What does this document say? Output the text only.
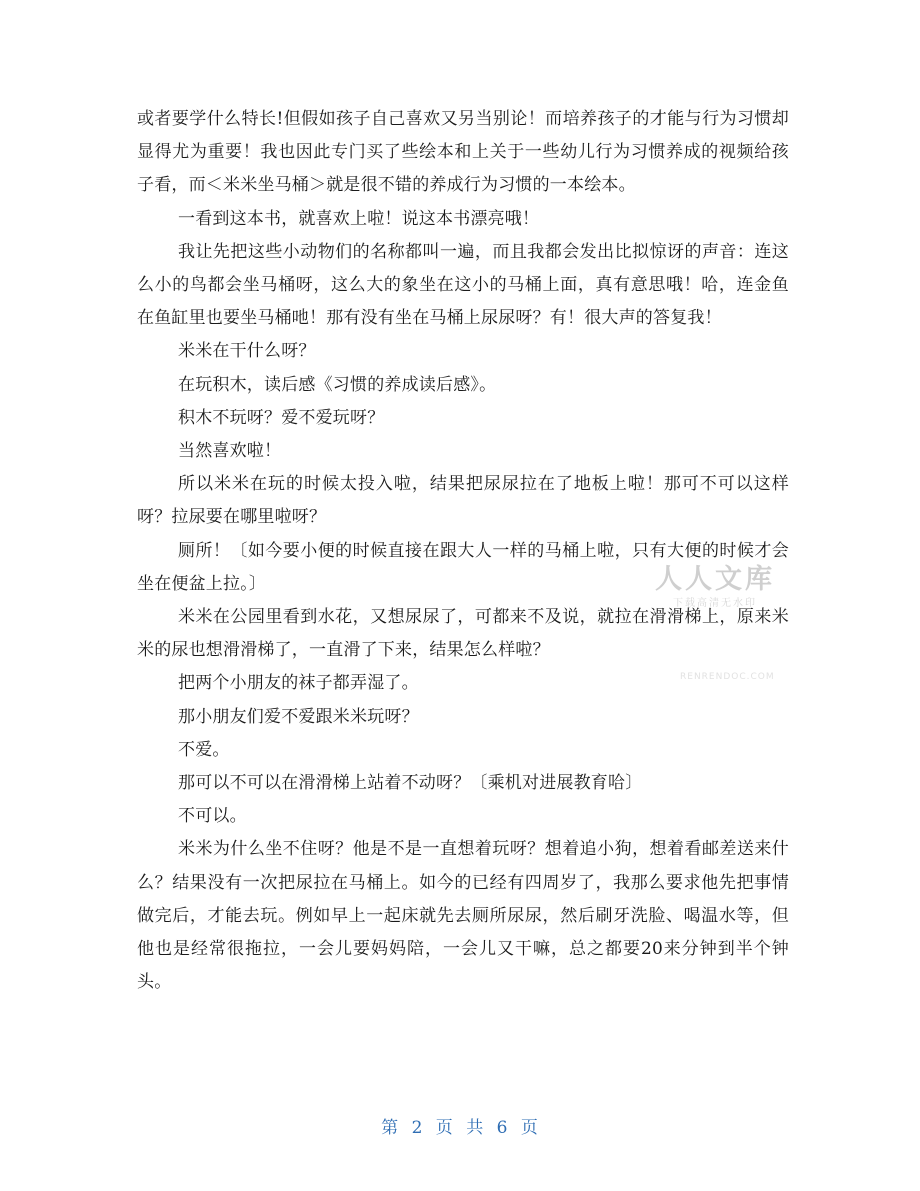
或者要学什么特长!但假如孩子自己喜欢又另当别论！而培养孩子的才能与行为习惯却显得尤为重要！我也因此专门买了些绘本和上关于一些幼儿行为习惯养成的视频给孩子看，而＜米米坐马桶＞就是很不错的养成行为习惯的一本绘本。

一看到这本书，就喜欢上啦！说这本书漂亮哦！

我让先把这些小动物们的名称都叫一遍，而且我都会发出比拟惊讶的声音：连这么小的鸟都会坐马桶呀，这么大的象坐在这小的马桶上面，真有意思哦！哈，连金鱼在鱼缸里也要坐马桶吔！那有没有坐在马桶上尿尿呀？有！很大声的答复我！

米米在干什么呀？

在玩积木，读后感《习惯的养成读后感》。

积木不玩呀？爱不爱玩呀？

当然喜欢啦！

所以米米在玩的时候太投入啦，结果把尿尿拉在了地板上啦！那可不可以这样呀？拉尿要在哪里啦呀？

厕所！〔如今要小便的时候直接在跟大人一样的马桶上啦，只有大便的时候才会坐在便盆上拉。〕

米米在公园里看到水花，又想尿尿了，可都来不及说，就拉在滑滑梯上，原来米米的尿也想滑滑梯了，一直滑了下来，结果怎么样啦？

把两个小朋友的袜子都弄湿了。

那小朋友们爱不爱跟米米玩呀？

不爱。

那可以不可以在滑滑梯上站着不动呀？〔乘机对进展教育哈〕

不可以。

米米为什么坐不住呀？他是不是一直想着玩呀？想着追小狗，想着看邮差送来什么？结果没有一次把尿拉在马桶上。如今的已经有四周岁了，我那么要求他先把事情做完后，才能去玩。例如早上一起床就先去厕所尿尿，然后刷牙洗脸、喝温水等，但他也是经常很拖拉，一会儿要妈妈陪，一会儿又干嘛，总之都要20来分钟到半个钟头。

人人文库
下载高清无水印
RENRENDOC.COM
第 2 页 共 6 页
